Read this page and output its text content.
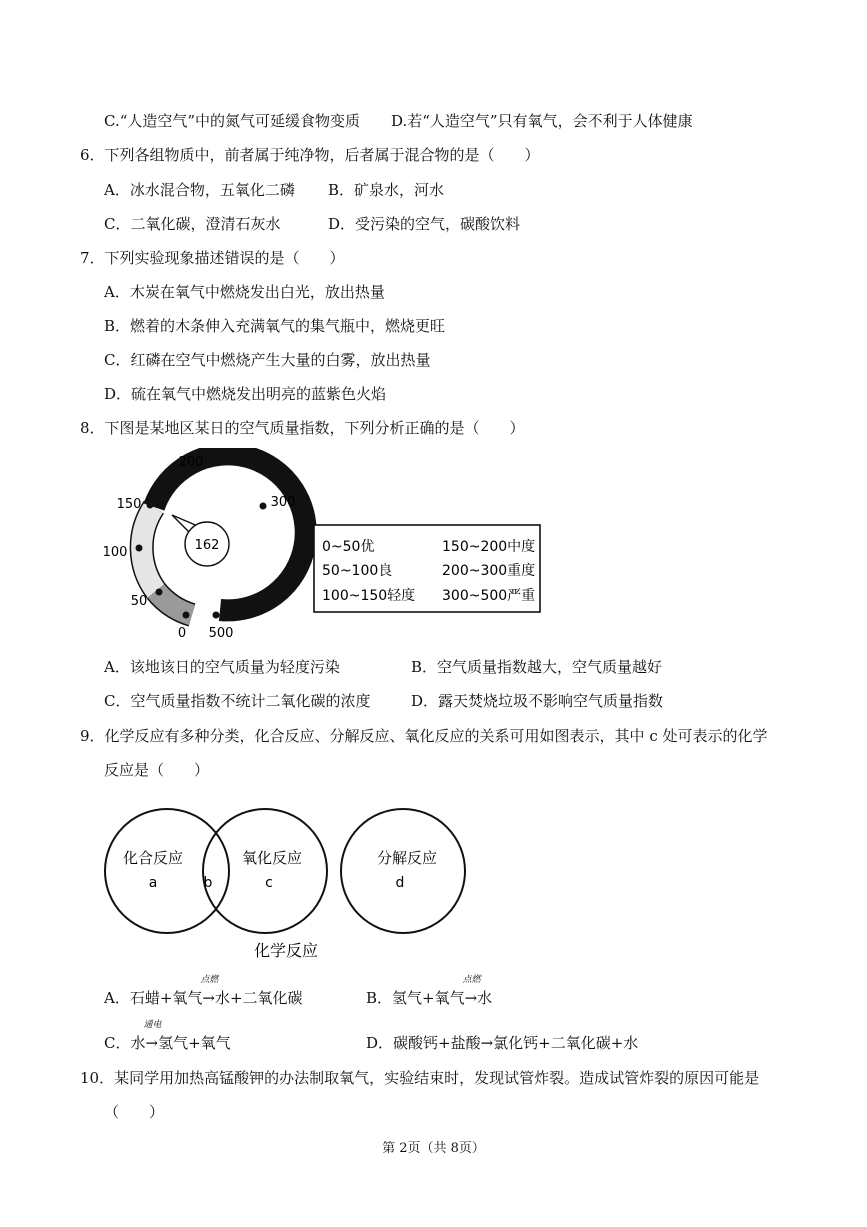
C.“人造空气”中的氮气可延缓食物变质 D.若“人造空气”只有氧气，会不利于人体健康
6．下列各组物质中，前者属于纯净物，后者属于混合物的是（　　）
A．冰水混合物，五氧化二磷 B．矿泉水，河水
C．二氧化碳，澄清石灰水	D．受污染的空气，碳酸饮料
7．下列实验现象描述错误的是（　　）
A．木炭在氧气中燃烧发出白光，放出热量
B．燃着的木条伸入充满氧气的集气瓶中，燃烧更旺
C．红磷在空气中燃烧产生大量的白雾，放出热量
D．硫在氧气中燃烧发出明亮的蓝紫色火焰
8．下图是某地区某日的空气质量指数，下列分析正确的是（　　）
162
0
50
100
150
200
300
500
0~50优	150~200中度
50~100良	200~300重度
100~150轻度 300~500严重
A．该地该日的空气质量为轻度污染	B．空气质量指数越大，空气质量越好
C．空气质量指数不统计二氧化碳的浓度	D．露天焚烧垃圾不影响空气质量指数
9．化学反应有多种分类，化合反应、分解反应、氧化反应的关系可用如图表示，其中 c 处可表示的化学
反应是（　　）
化合反应	氧化反应	分解反应
a	b	c	d
化学反应
A．石蜡+氧气
点燃
→水+二氧化碳	B．氢气+氧气
点燃
→水
C．水
通电
→氢气+氧气	D．碳酸钙+盐酸→氯化钙+二氧化碳+水
10．某同学用加热高锰酸钾的办法制取氧气，实验结束时，发现试管炸裂。造成试管炸裂的原因可能是
（　　）
第 2页（共 8页）
